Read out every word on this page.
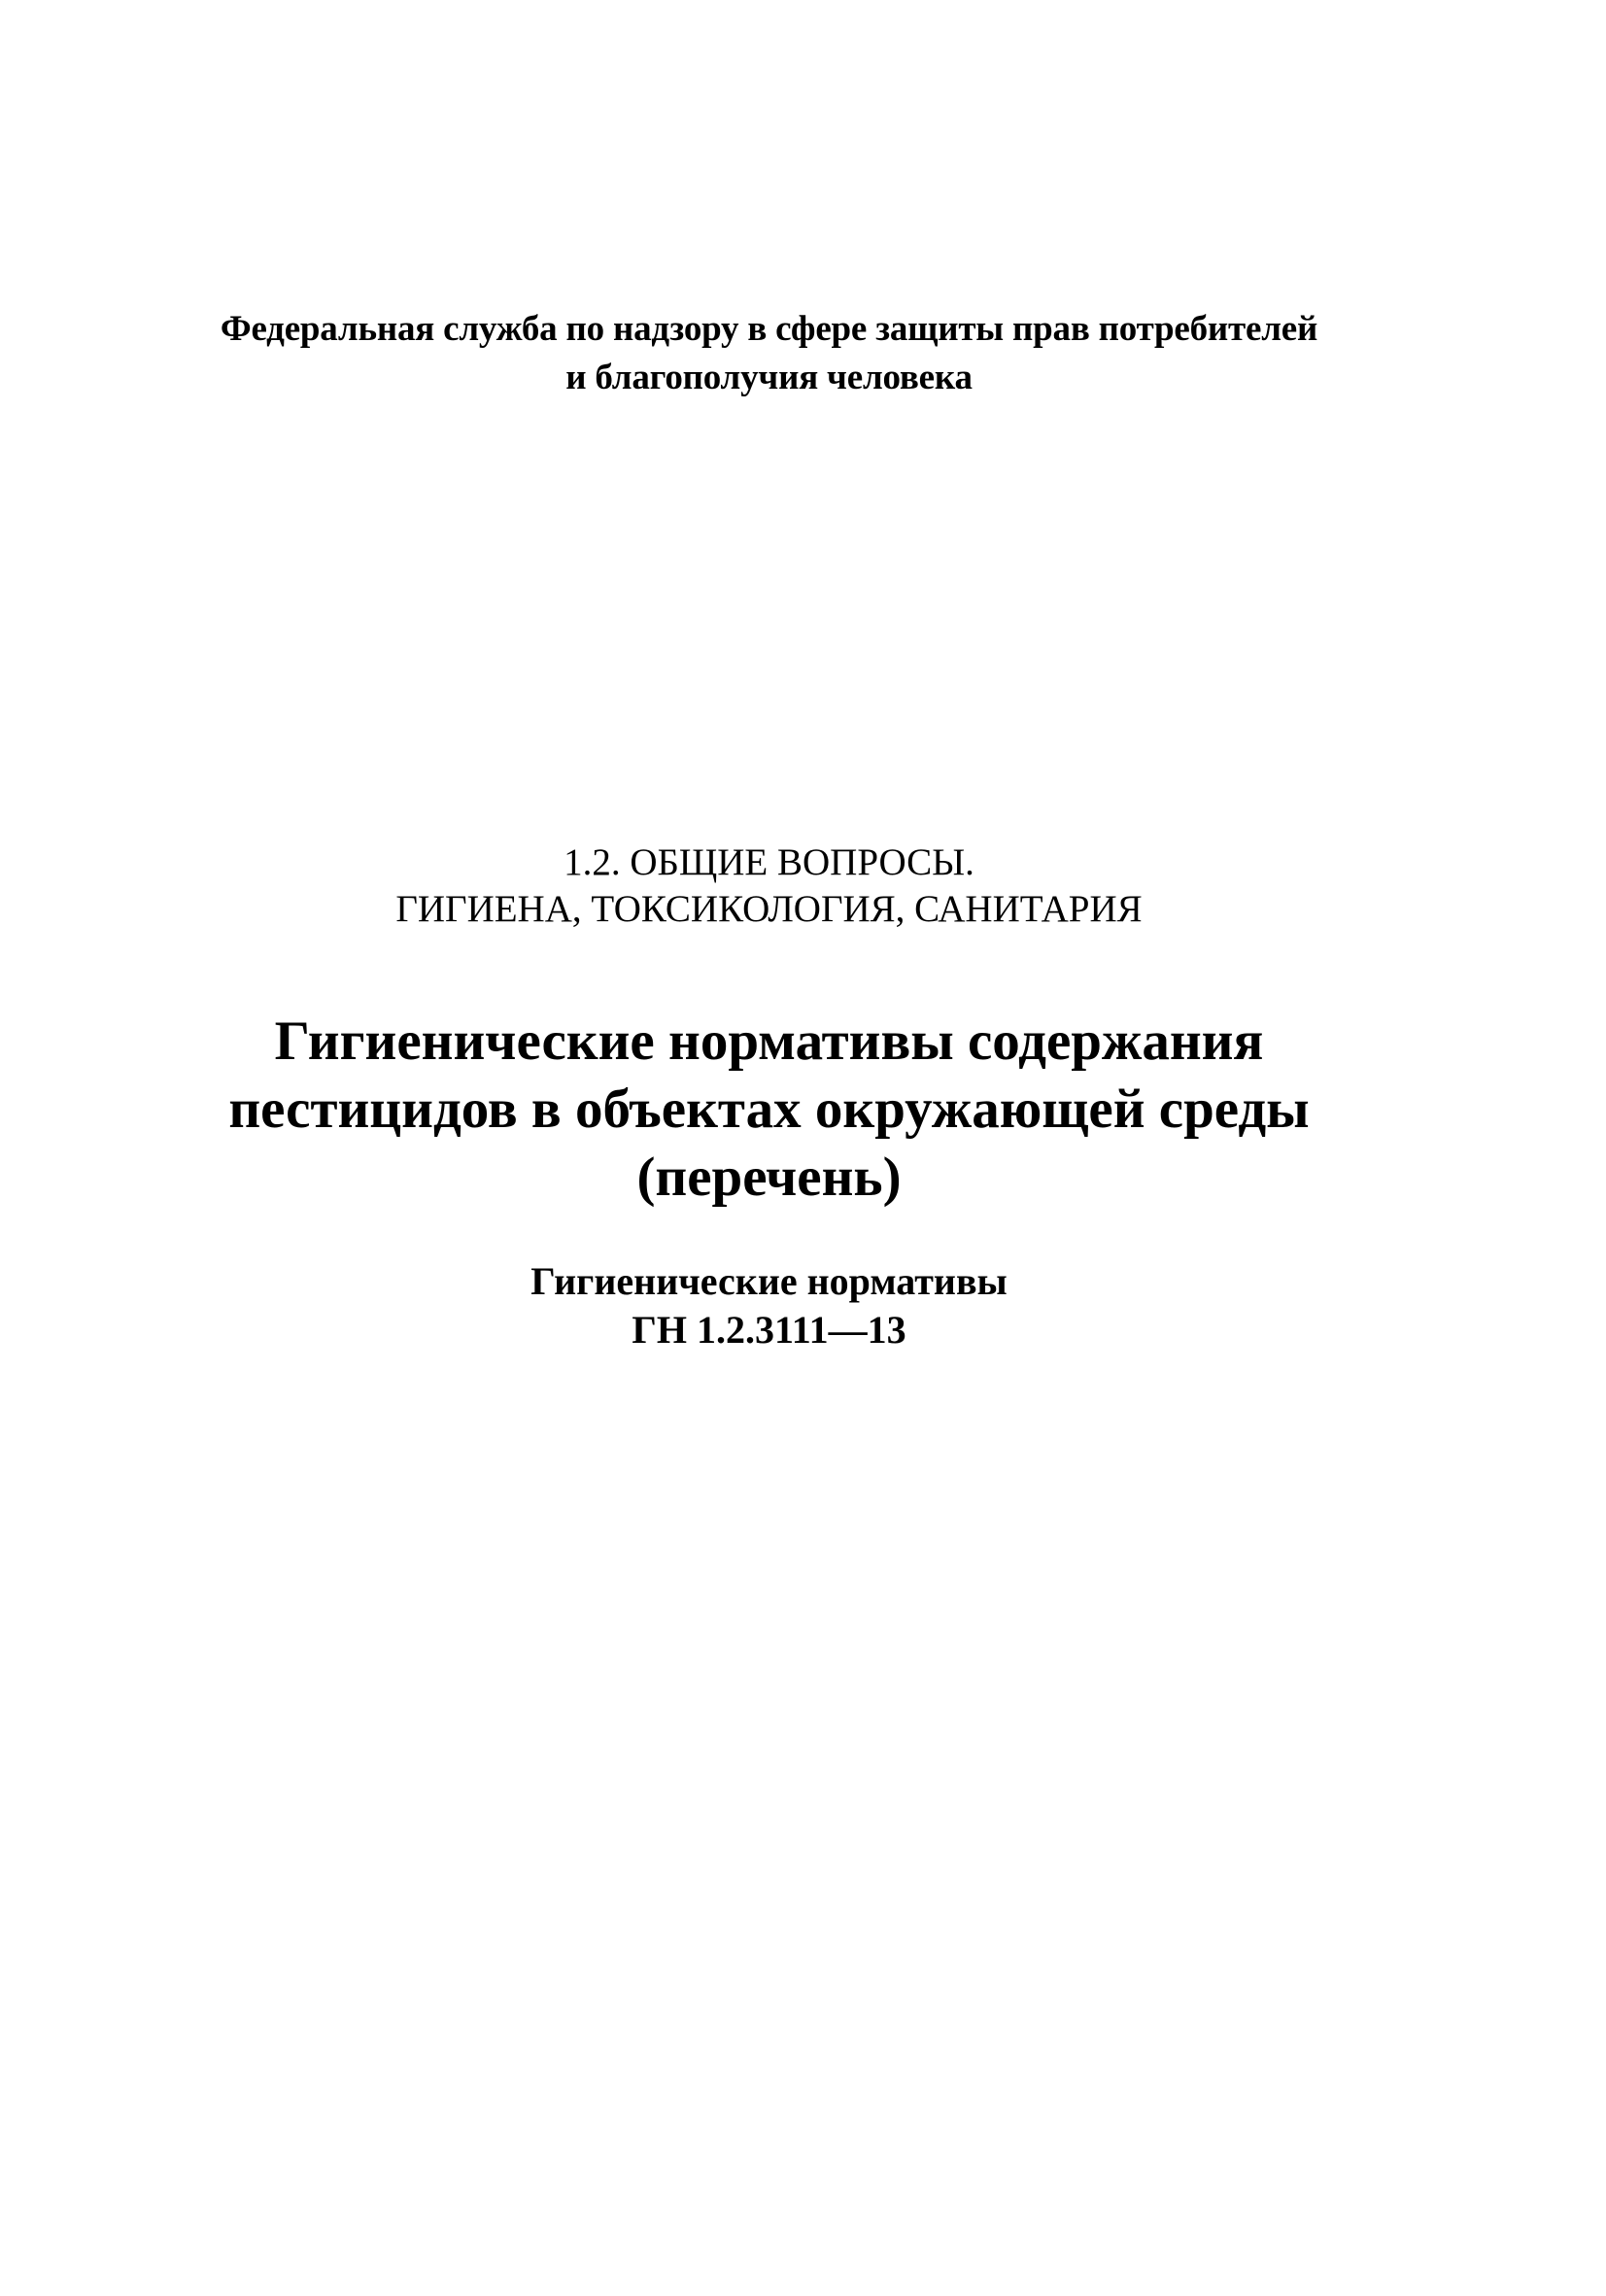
Федеральная служба по надзору в сфере защиты прав потребителей

и благополучия человека

1.2. ОБЩИЕ ВОПРОСЫ.

ГИГИЕНА, ТОКСИКОЛОГИЯ, САНИТАРИЯ

Гигиенические нормативы содержания

пестицидов в объектах окружающей среды

(перечень)

Гигиенические нормативы

ГН 1.2.3111—13
